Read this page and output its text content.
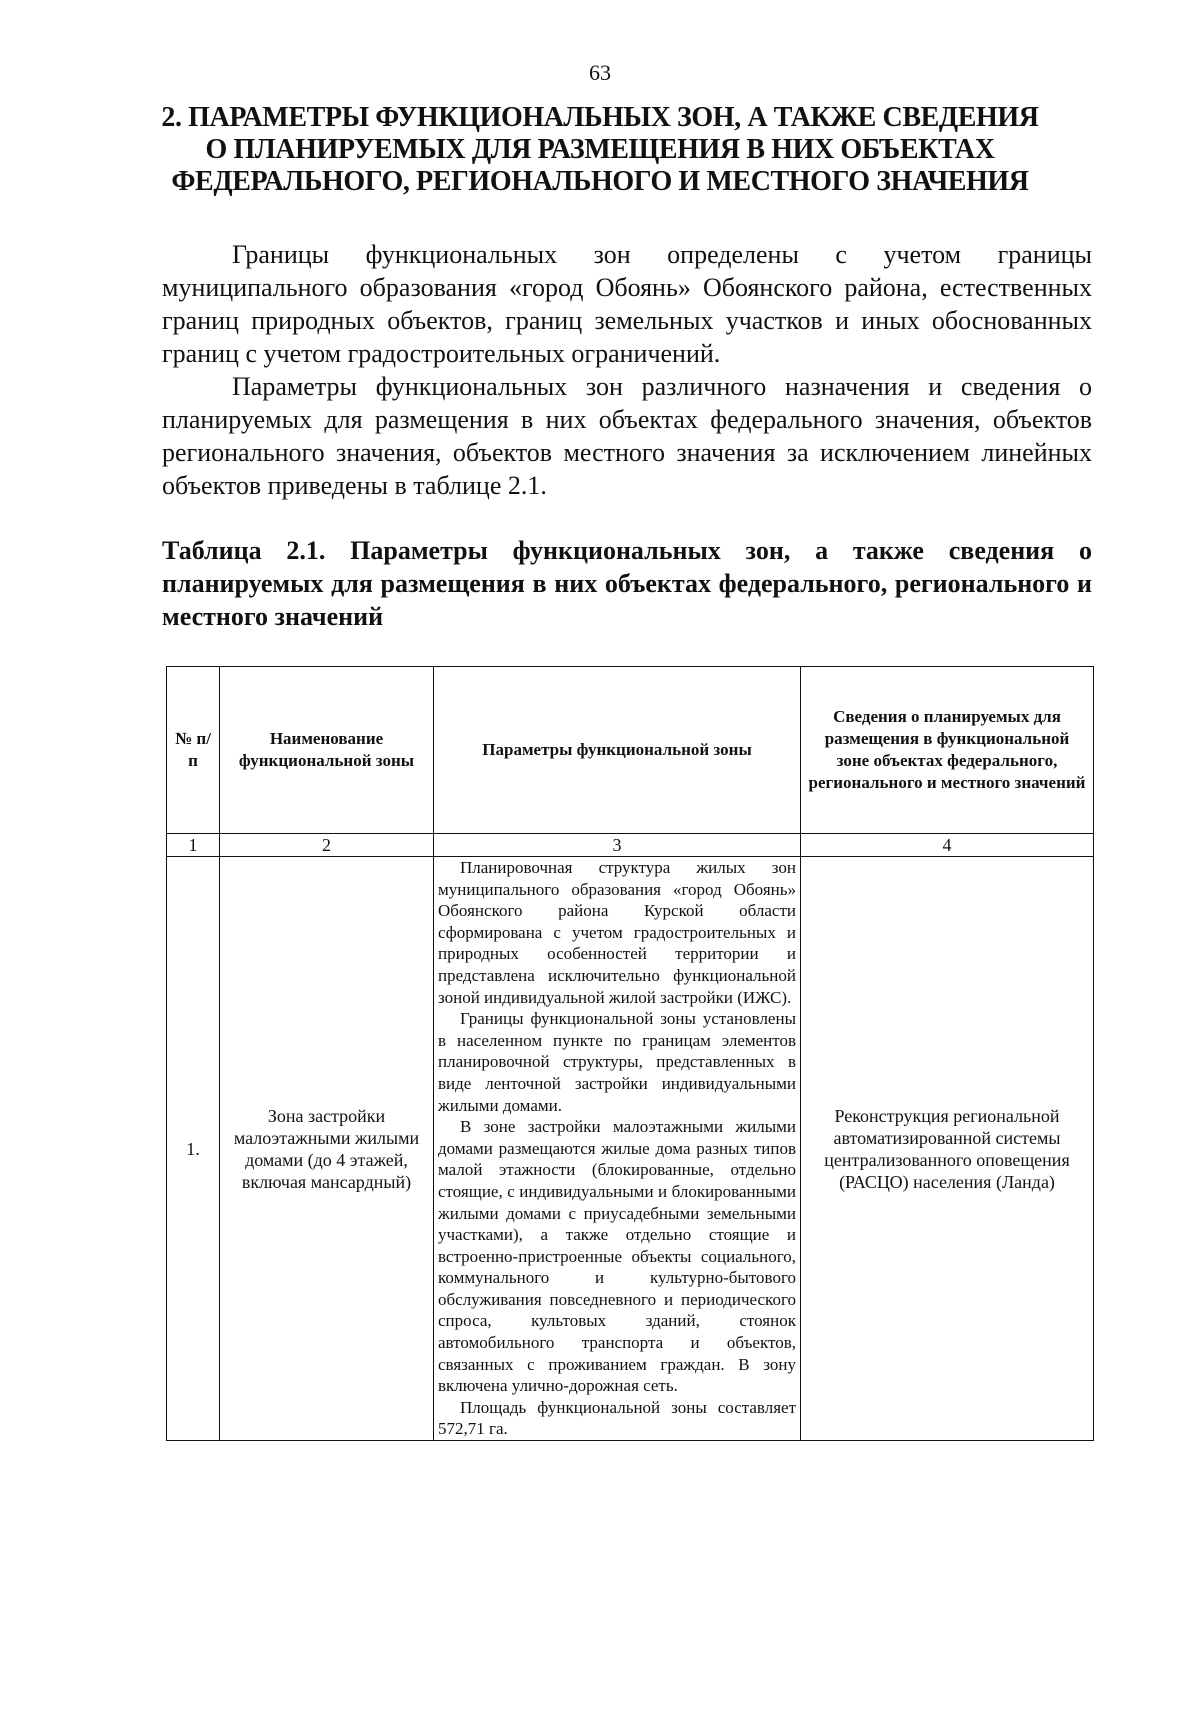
63
2. ПАРАМЕТРЫ ФУНКЦИОНАЛЬНЫХ ЗОН, А ТАКЖЕ СВЕДЕНИЯ О ПЛАНИРУЕМЫХ ДЛЯ РАЗМЕЩЕНИЯ В НИХ ОБЪЕКТАХ ФЕДЕРАЛЬНОГО, РЕГИОНАЛЬНОГО И МЕСТНОГО ЗНАЧЕНИЯ

Границы функциональных зон определены с учетом границы муниципального образования «город Обоянь» Обоянского района, естественных границ природных объектов, границ земельных участков и иных обоснованных границ с учетом градостроительных ограничений.

Параметры функциональных зон различного назначения и сведения о планируемых для размещения в них объектах федерального значения, объектов регионального значения, объектов местного значения за исключением линейных объектов приведены в таблице 2.1.

Таблица 2.1. Параметры функциональных зон, а также сведения о планируемых для размещения в них объектах федерального, регионального и местного значений
№ п/п	Наименование функциональной зоны	Параметры функциональной зоны	Сведения о планируемых для размещения в функциональной зоне объектах федерального, регионального и местного значений
1	2	3	4
1.	Зона застройки малоэтажными жилыми домами (до 4 этажей, включая мансардный)	Планировочная структура жилых зон муниципального образования «город Обоянь» Обоянского района Курской области сформирована с учетом градостроительных и природных особенностей территории и представлена исключительно функциональной зоной индивидуальной жилой застройки (ИЖС).

Границы функциональной зоны установлены в населенном пункте по границам элементов планировочной структуры, представленных в виде ленточной застройки индивидуальными жилыми домами.

В зоне застройки малоэтажными жилыми домами размещаются жилые дома разных типов малой этажности (блокированные, отдельно стоящие, с индивидуальными и блокированными жилыми домами с приусадебными земельными участками), а также отдельно стоящие и встроенно-пристроенные объекты социального, коммунального и культурно-бытового обслуживания повседневного и периодического спроса, культовых зданий, стоянок автомобильного транспорта и объектов, связанных с проживанием граждан. В зону включена улично-дорожная сеть.

Площадь функциональной зоны составляет 572,71 га.	Реконструкция региональной автоматизированной системы централизованного оповещения (РАСЦО) населения (Ланда)
